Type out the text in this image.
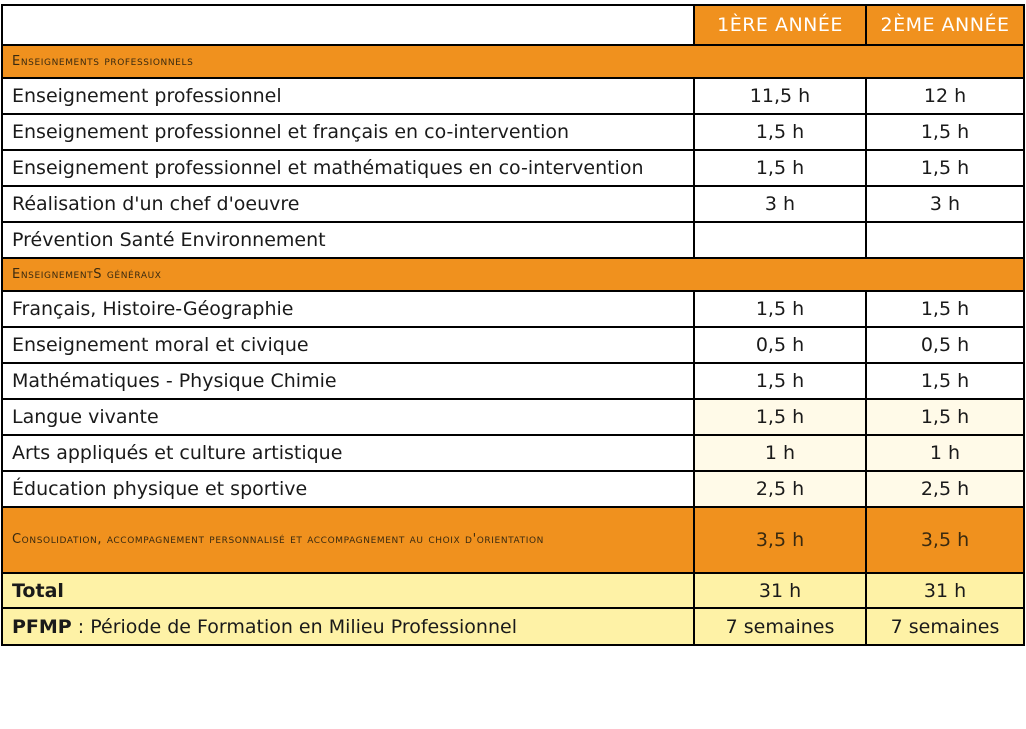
	1ÈRE ANNÉE	2ÈME ANNÉE
Enseignements professionnels		
Enseignement professionnel	11,5 h	12 h
Enseignement professionnel et français en co-intervention	1,5 h	1,5 h
Enseignement professionnel et mathématiques en co-intervention	1,5 h	1,5 h
Réalisation d'un chef d'oeuvre	3 h	3 h
Prévention Santé Environnement		
EnseignementS généraux		
Français, Histoire-Géographie	1,5 h	1,5 h
Enseignement moral et civique	0,5 h	0,5 h
Mathématiques - Physique Chimie	1,5 h	1,5 h
Langue vivante	1,5 h	1,5 h
Arts appliqués et culture artistique	1 h	1 h
Éducation physique et sportive	2,5 h	2,5 h
Consolidation, accompagnement personnalisé et accompagnement au choix d'orientation	3,5 h	3,5 h
Total	31 h	31 h
PFMP : Période de Formation en Milieu Professionnel	7 semaines	7 semaines
